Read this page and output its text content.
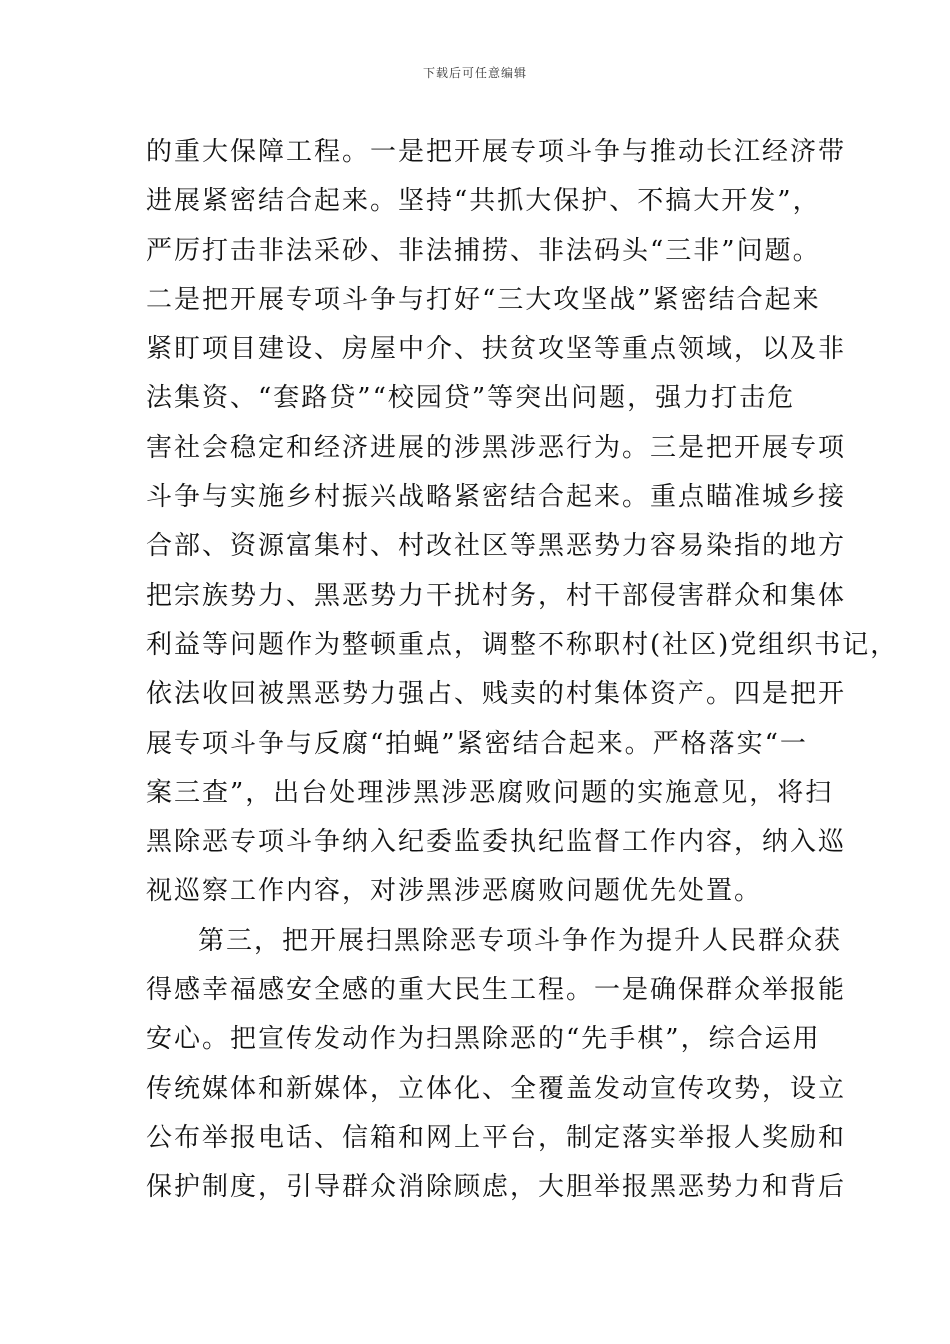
下载后可任意编辑
的重大保障工程。一是把开展专项斗争与推动长江经济带
进展紧密结合起来。坚持“共抓大保护、不搞大开发”，
严厉打击非法采砂、非法捕捞、非法码头“三非”问题。
二是把开展专项斗争与打好“三大攻坚战”紧密结合起来
紧盯项目建设、房屋中介、扶贫攻坚等重点领域，以及非
法集资、“套路贷”“校园贷”等突出问题，强力打击危
害社会稳定和经济进展的涉黑涉恶行为。三是把开展专项
斗争与实施乡村振兴战略紧密结合起来。重点瞄准城乡接
合部、资源富集村、村改社区等黑恶势力容易染指的地方
把宗族势力、黑恶势力干扰村务，村干部侵害群众和集体
利益等问题作为整顿重点，调整不称职村(社区)党组织书记，
依法收回被黑恶势力强占、贱卖的村集体资产。四是把开
展专项斗争与反腐“拍蝇”紧密结合起来。严格落实“一
案三查”，出台处理涉黑涉恶腐败问题的实施意见，将扫
黑除恶专项斗争纳入纪委监委执纪监督工作内容，纳入巡
视巡察工作内容，对涉黑涉恶腐败问题优先处置。
第三，把开展扫黑除恶专项斗争作为提升人民群众获
得感幸福感安全感的重大民生工程。一是确保群众举报能
安心。把宣传发动作为扫黑除恶的“先手棋”，综合运用
传统媒体和新媒体，立体化、全覆盖发动宣传攻势，设立
公布举报电话、信箱和网上平台，制定落实举报人奖励和
保护制度，引导群众消除顾虑，大胆举报黑恶势力和背后
